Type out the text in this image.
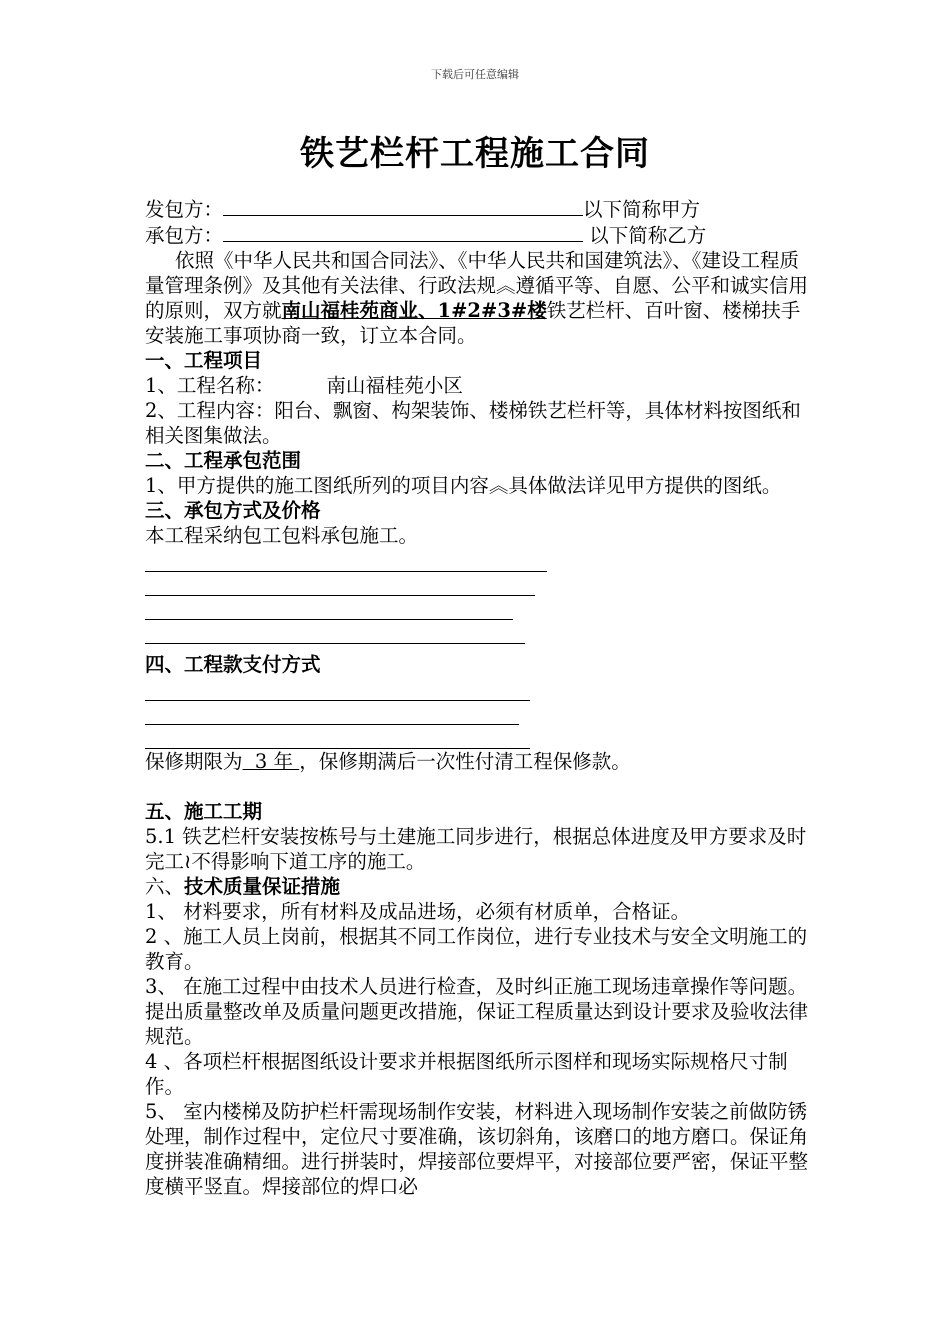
下载后可任意编辑
铁艺栏杆工程施工合同

发包方：	以下简称甲方

承包方：	以下简称乙方

依照《中华人民共和国合同法》、《中华人民共和国建筑法》、《建设工程质量管理条例》及其他有关法律、行政法规︽遵循平等、自愿、公平和诚实信用的原则，双方就南山福桂苑商业、1#2#3#楼铁艺栏杆、百叶窗、楼梯扶手安装施工事项协商一致，订立本合同。

一、工程项目

1、工程名称：	南山福桂苑小区

2、工程内容：阳台、飘窗、构架装饰、楼梯铁艺栏杆等，具体材料按图纸和相关图集做法。

二、工程承包范围

1、甲方提供的施工图纸所列的项目内容︽具体做法详见甲方提供的图纸。

三、承包方式及价格

本工程采纳包工包料承包施工。

四、工程款支付方式

保修期限为  3 年 ，保修期满后一次性付清工程保修款。

五、施工工期

5.1 铁艺栏杆安装按栋号与土建施工同步进行，根据总体进度及甲方要求及时完工≀不得影响下道工序的施工。

六、技术质量保证措施

1、 材料要求，所有材料及成品进场，必须有材质单，合格证。

2 、施工人员上岗前，根据其不同工作岗位，进行专业技术与安全文明施工的教育。

3、 在施工过程中由技术人员进行检查，及时纠正施工现场违章操作等问题。提出质量整改单及质量问题更改措施，保证工程质量达到设计要求及验收法律规范。

4 、各项栏杆根据图纸设计要求并根据图纸所示图样和现场实际规格尺寸制作。

5、 室内楼梯及防护栏杆需现场制作安装，材料进入现场制作安装之前做防锈处理，制作过程中，定位尺寸要准确，该切斜角，该磨口的地方磨口。保证角度拼装准确精细。进行拼装时，焊接部位要焊平，对接部位要严密，保证平整度横平竖直。焊接部位的焊口必
